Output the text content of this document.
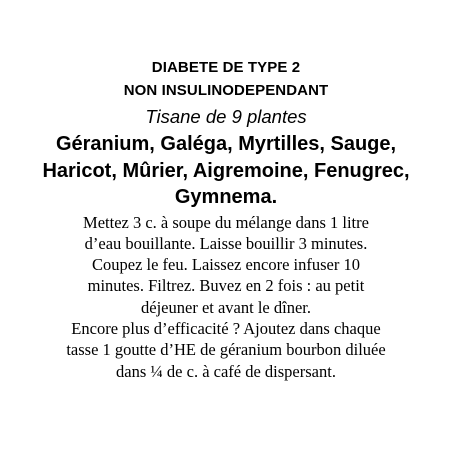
DIABETE DE TYPE 2
NON INSULINODEPENDANT
Tisane de 9 plantes
Géranium, Galéga, Myrtilles, Sauge,
Haricot, Mûrier, Aigremoine, Fenugrec,
Gymnema.
Mettez 3 c. à soupe du mélange dans 1 litre
d’eau bouillante. Laisse bouillir 3 minutes.
Coupez le feu. Laissez encore infuser 10
minutes. Filtrez. Buvez en 2 fois : au petit
déjeuner et avant le dîner.
Encore plus d’efficacité ? Ajoutez dans chaque
tasse 1 goutte d’HE de géranium bourbon diluée
dans ¼ de c. à café de dispersant.
